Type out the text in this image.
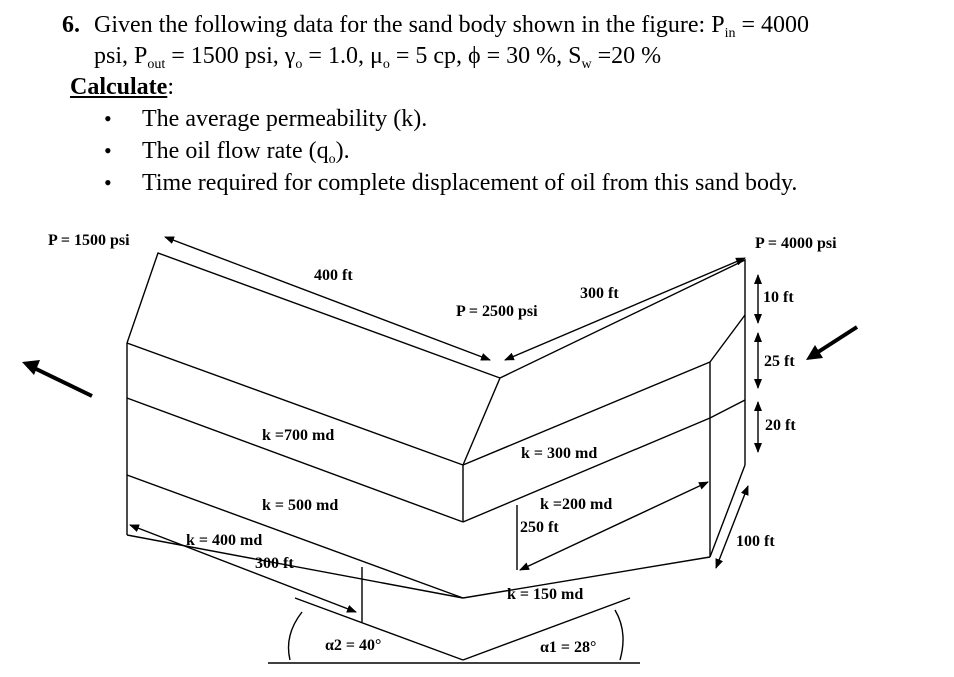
6. Given the following data for the sand body shown in the figure: $P_{in} = 4000$
psi, $P_{out} = 1500$ psi, $\gamma_o = 1.0$, $\mu_o = 5$ cp, ϕ = 30 %, $S_w =20$ %
Calculate:
• The average permeability (k).
• The oil flow rate $(q_o)$.
• Time required for complete displacement of oil from this sand body.
P = 1500 psi	P = 4000 psi
P = 2500 psi
400 ft
300 ft	10 ft
25 ft
20 ft
100 ft
k =700 md
k = 500 md
k = 400 md
k = 300 md
k =200 md
k = 150 md
250 ft
300 ft
α2 = 40°	α1 = 28°
